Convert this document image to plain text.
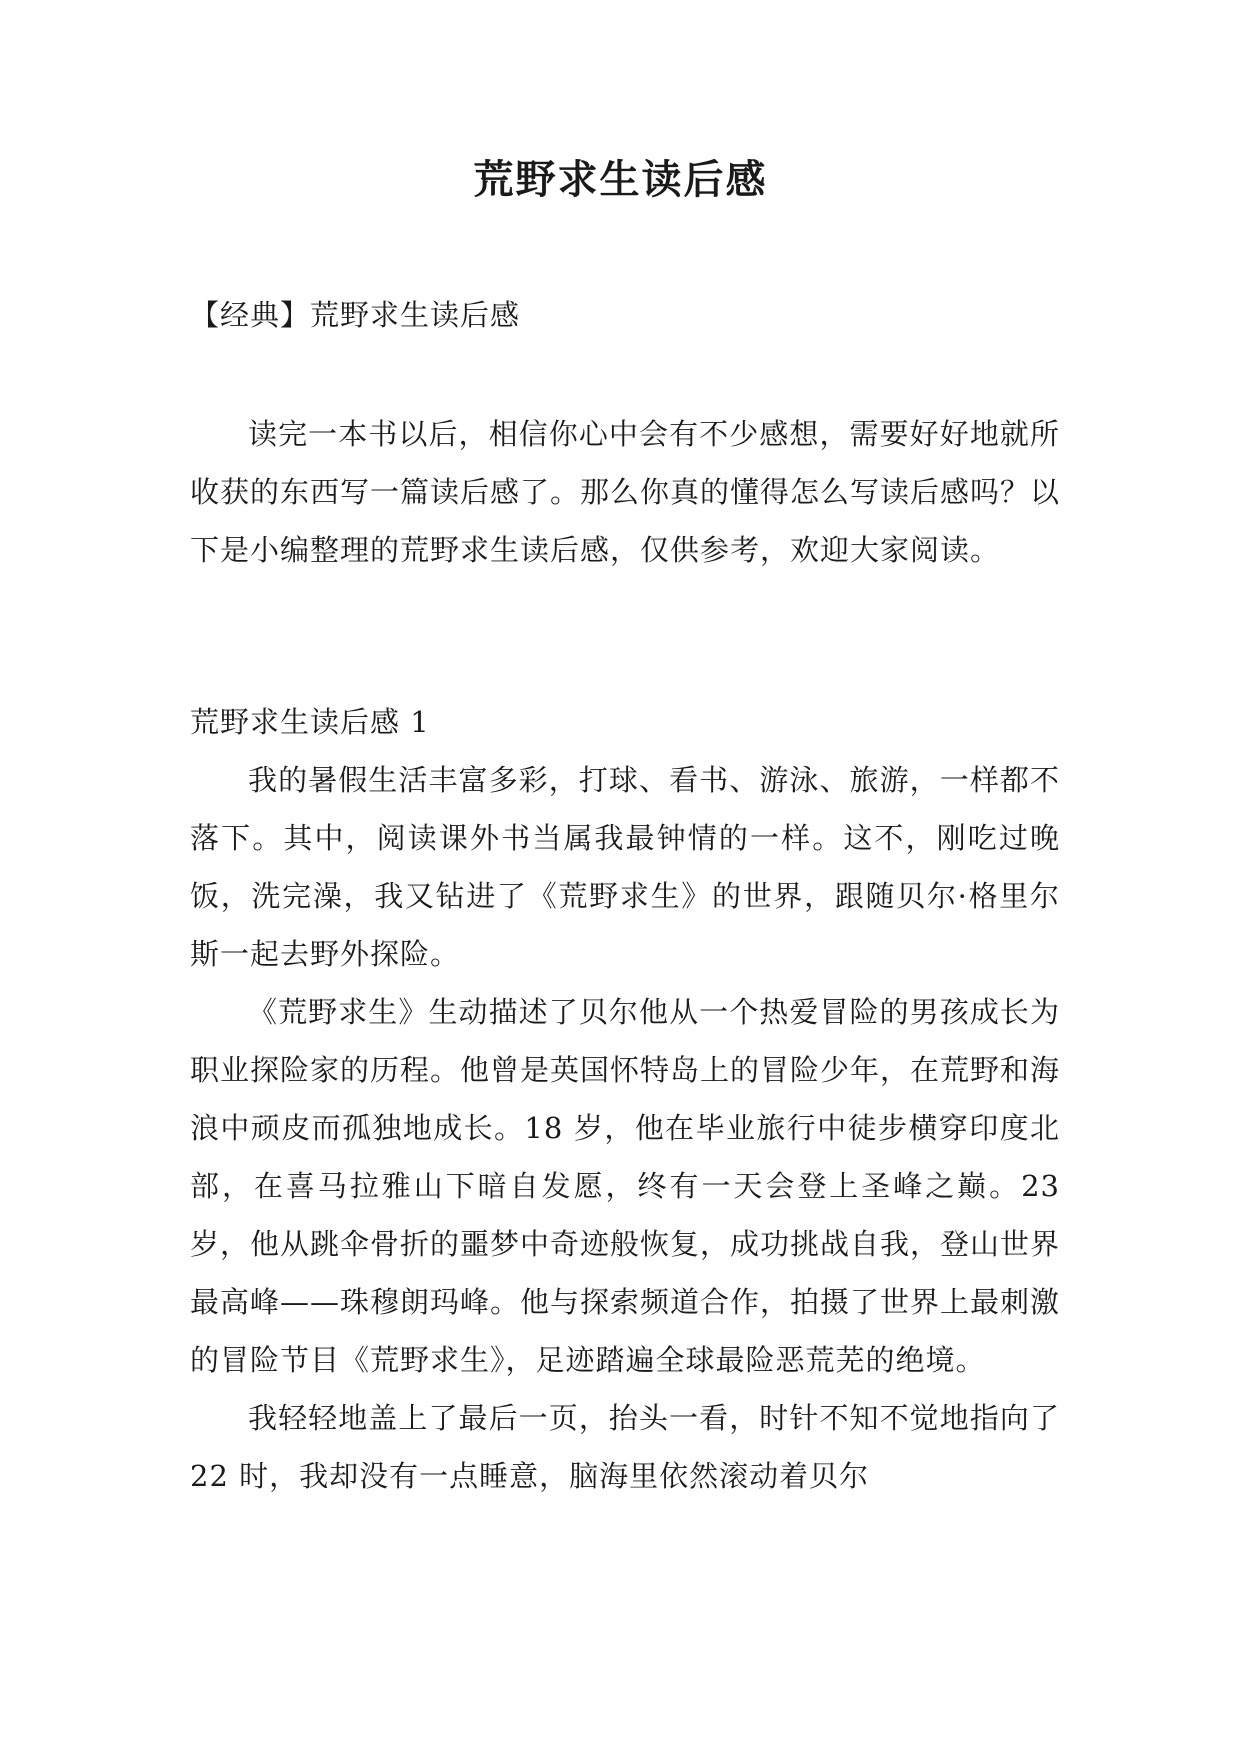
荒野求生读后感

【经典】荒野求生读后感

读完一本书以后，相信你心中会有不少感想，需要好好地就所收获的东西写一篇读后感了。那么你真的懂得怎么写读后感吗？以下是小编整理的荒野求生读后感，仅供参考，欢迎大家阅读。

荒野求生读后感 1

我的暑假生活丰富多彩，打球、看书、游泳、旅游，一样都不落下。其中，阅读课外书当属我最钟情的一样。这不，刚吃过晚饭，洗完澡，我又钻进了《荒野求生》的世界，跟随贝尔·格里尔斯一起去野外探险。

《荒野求生》生动描述了贝尔他从一个热爱冒险的男孩成长为职业探险家的历程。他曾是英国怀特岛上的冒险少年，在荒野和海浪中顽皮而孤独地成长。18 岁，他在毕业旅行中徒步横穿印度北部，在喜马拉雅山下暗自发愿，终有一天会登上圣峰之巅。23 岁，他从跳伞骨折的噩梦中奇迹般恢复，成功挑战自我，登山世界最高峰——珠穆朗玛峰。他与探索频道合作，拍摄了世界上最刺激的冒险节目《荒野求生》，足迹踏遍全球最险恶荒芜的绝境。

我轻轻地盖上了最后一页，抬头一看，时针不知不觉地指向了 22 时，我却没有一点睡意，脑海里依然滚动着贝尔
